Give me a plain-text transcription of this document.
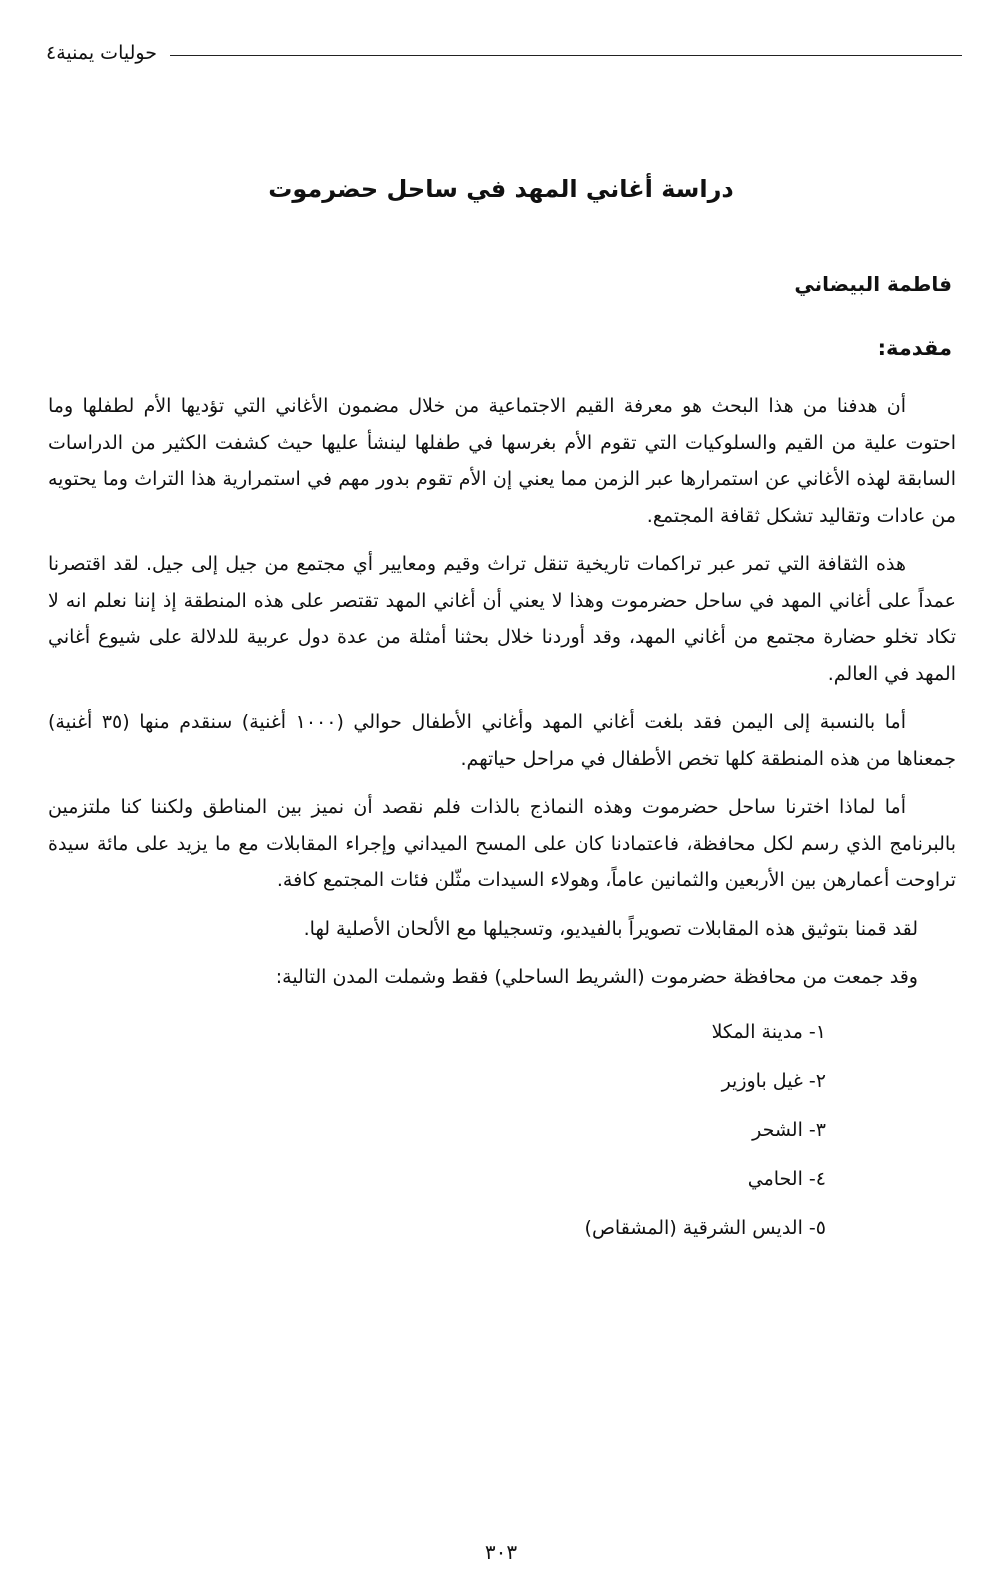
حولیات یمنیة٤
دراسة أغاني المهد في ساحل حضرموت
فاطمة البيضاني
مقدمة:

أن هدفنا من هذا البحث هو معرفة القيم الاجتماعية من خلال مضمون الأغاني التي تؤديها الأم لطفلها وما احتوت علية من القيم والسلوكيات التي تقوم الأم بغرسها في طفلها لينشأ عليها حيث كشفت الكثير من الدراسات السابقة لهذه الأغاني عن استمرارها عبر الزمن مما يعني إن الأم تقوم بدور مهم في استمرارية هذا التراث وما يحتويه من عادات وتقاليد تشكل ثقافة المجتمع.

هذه الثقافة التي تمر عبر تراكمات تاريخية تنقل تراث وقيم ومعايير أي مجتمع من جيل إلى جيل. لقد اقتصرنا عمداً على أغاني المهد في ساحل حضرموت وهذا لا يعني أن أغاني المهد تقتصر على هذه المنطقة إذ إننا نعلم انه لا تكاد تخلو حضارة مجتمع من أغاني المهد، وقد أوردنا خلال بحثنا أمثلة من عدة دول عربية للدلالة على شيوع أغاني المهد في العالم.

أما بالنسبة إلى اليمن فقد بلغت أغاني المهد وأغاني الأطفال حوالي (١٠٠٠ أغنية) سنقدم منها (٣٥ أغنية) جمعناها من هذه المنطقة كلها تخص الأطفال في مراحل حياتهم.

أما لماذا اخترنا ساحل حضرموت وهذه النماذج بالذات فلم نقصد أن نميز بين المناطق ولكننا كنا ملتزمين بالبرنامج الذي رسم لكل محافظة، فاعتمادنا كان على المسح الميداني وإجراء المقابلات مع ما يزيد على مائة سيدة تراوحت أعمارهن بين الأربعين والثمانين عاماً، وهولاء السيدات مثّلن فئات المجتمع كافة.

لقد قمنا بتوثيق هذه المقابلات تصويراً بالفيديو، وتسجيلها مع الألحان الأصلية لها.

وقد جمعت من محافظة حضرموت (الشريط الساحلي) فقط وشملت المدن التالية:

١- مدينة المكلا
٢- غيل باوزير
٣- الشحر
٤- الحامي
٥- الديس الشرقية (المشقاص)
٣٠٣
